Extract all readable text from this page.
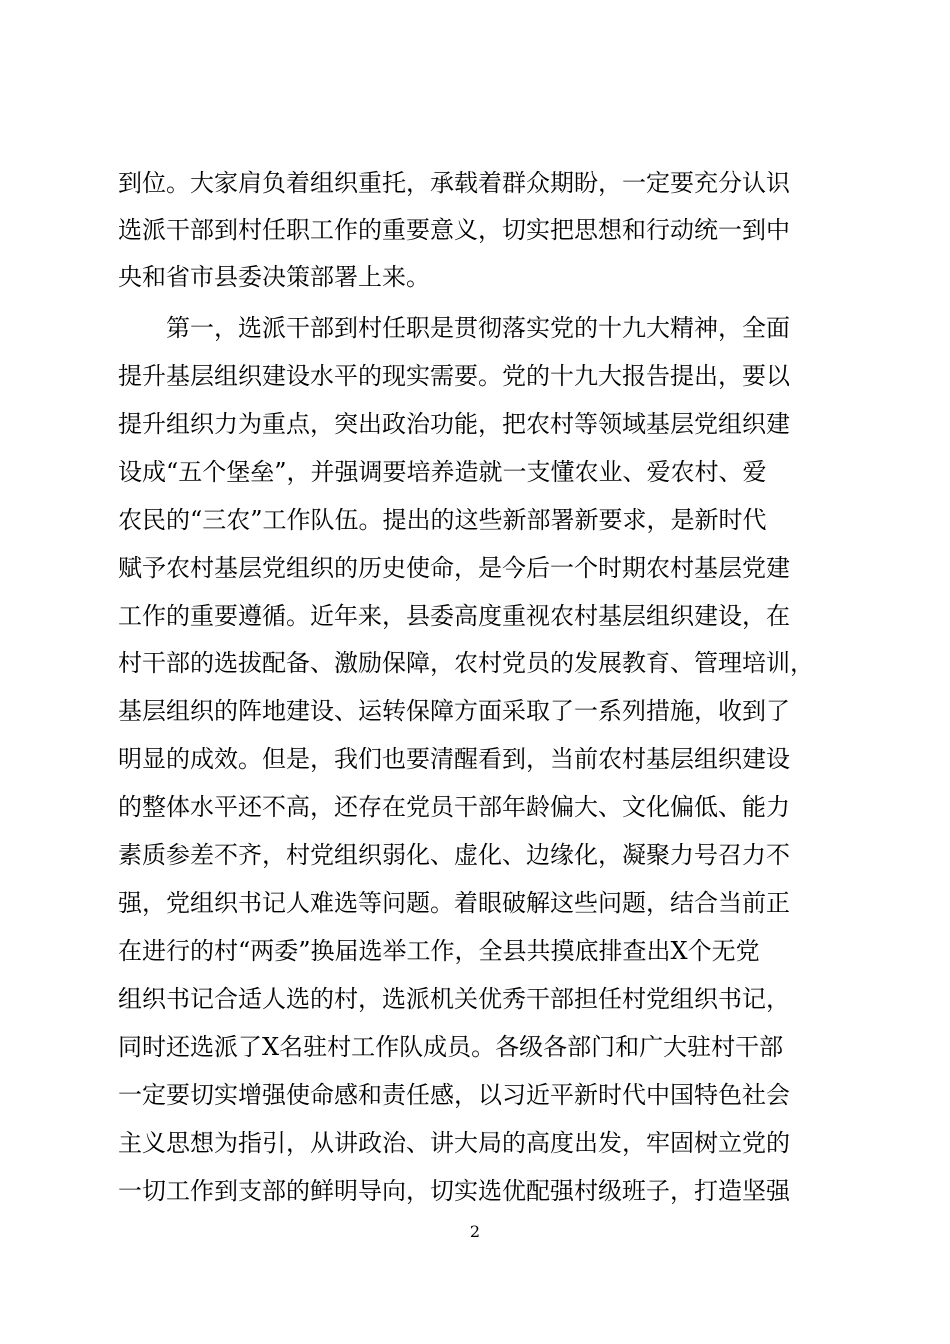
到位。大家肩负着组织重托，承载着群众期盼，一定要充分认识

选派干部到村任职工作的重要意义，切实把思想和行动统一到中

央和省市县委决策部署上来。

第一，选派干部到村任职是贯彻落实党的十九大精神，全面

提升基层组织建设水平的现实需要。党的十九大报告提出，要以

提升组织力为重点，突出政治功能，把农村等领域基层党组织建

设成“五个堡垒”，并强调要培养造就一支懂农业、爱农村、爱

农民的“三农”工作队伍。提出的这些新部署新要求，是新时代

赋予农村基层党组织的历史使命，是今后一个时期农村基层党建

工作的重要遵循。近年来，县委高度重视农村基层组织建设，在

村干部的选拔配备、激励保障，农村党员的发展教育、管理培训，

基层组织的阵地建设、运转保障方面采取了一系列措施，收到了

明显的成效。但是，我们也要清醒看到，当前农村基层组织建设

的整体水平还不高，还存在党员干部年龄偏大、文化偏低、能力

素质参差不齐，村党组织弱化、虚化、边缘化，凝聚力号召力不

强，党组织书记人难选等问题。着眼破解这些问题，结合当前正

在进行的村“两委”换届选举工作，全县共摸底排查出X个无党

组织书记合适人选的村，选派机关优秀干部担任村党组织书记，

同时还选派了X名驻村工作队成员。各级各部门和广大驻村干部

一定要切实增强使命感和责任感，以习近平新时代中国特色社会

主义思想为指引，从讲政治、讲大局的高度出发，牢固树立党的

一切工作到支部的鲜明导向，切实选优配强村级班子，打造坚强

2
